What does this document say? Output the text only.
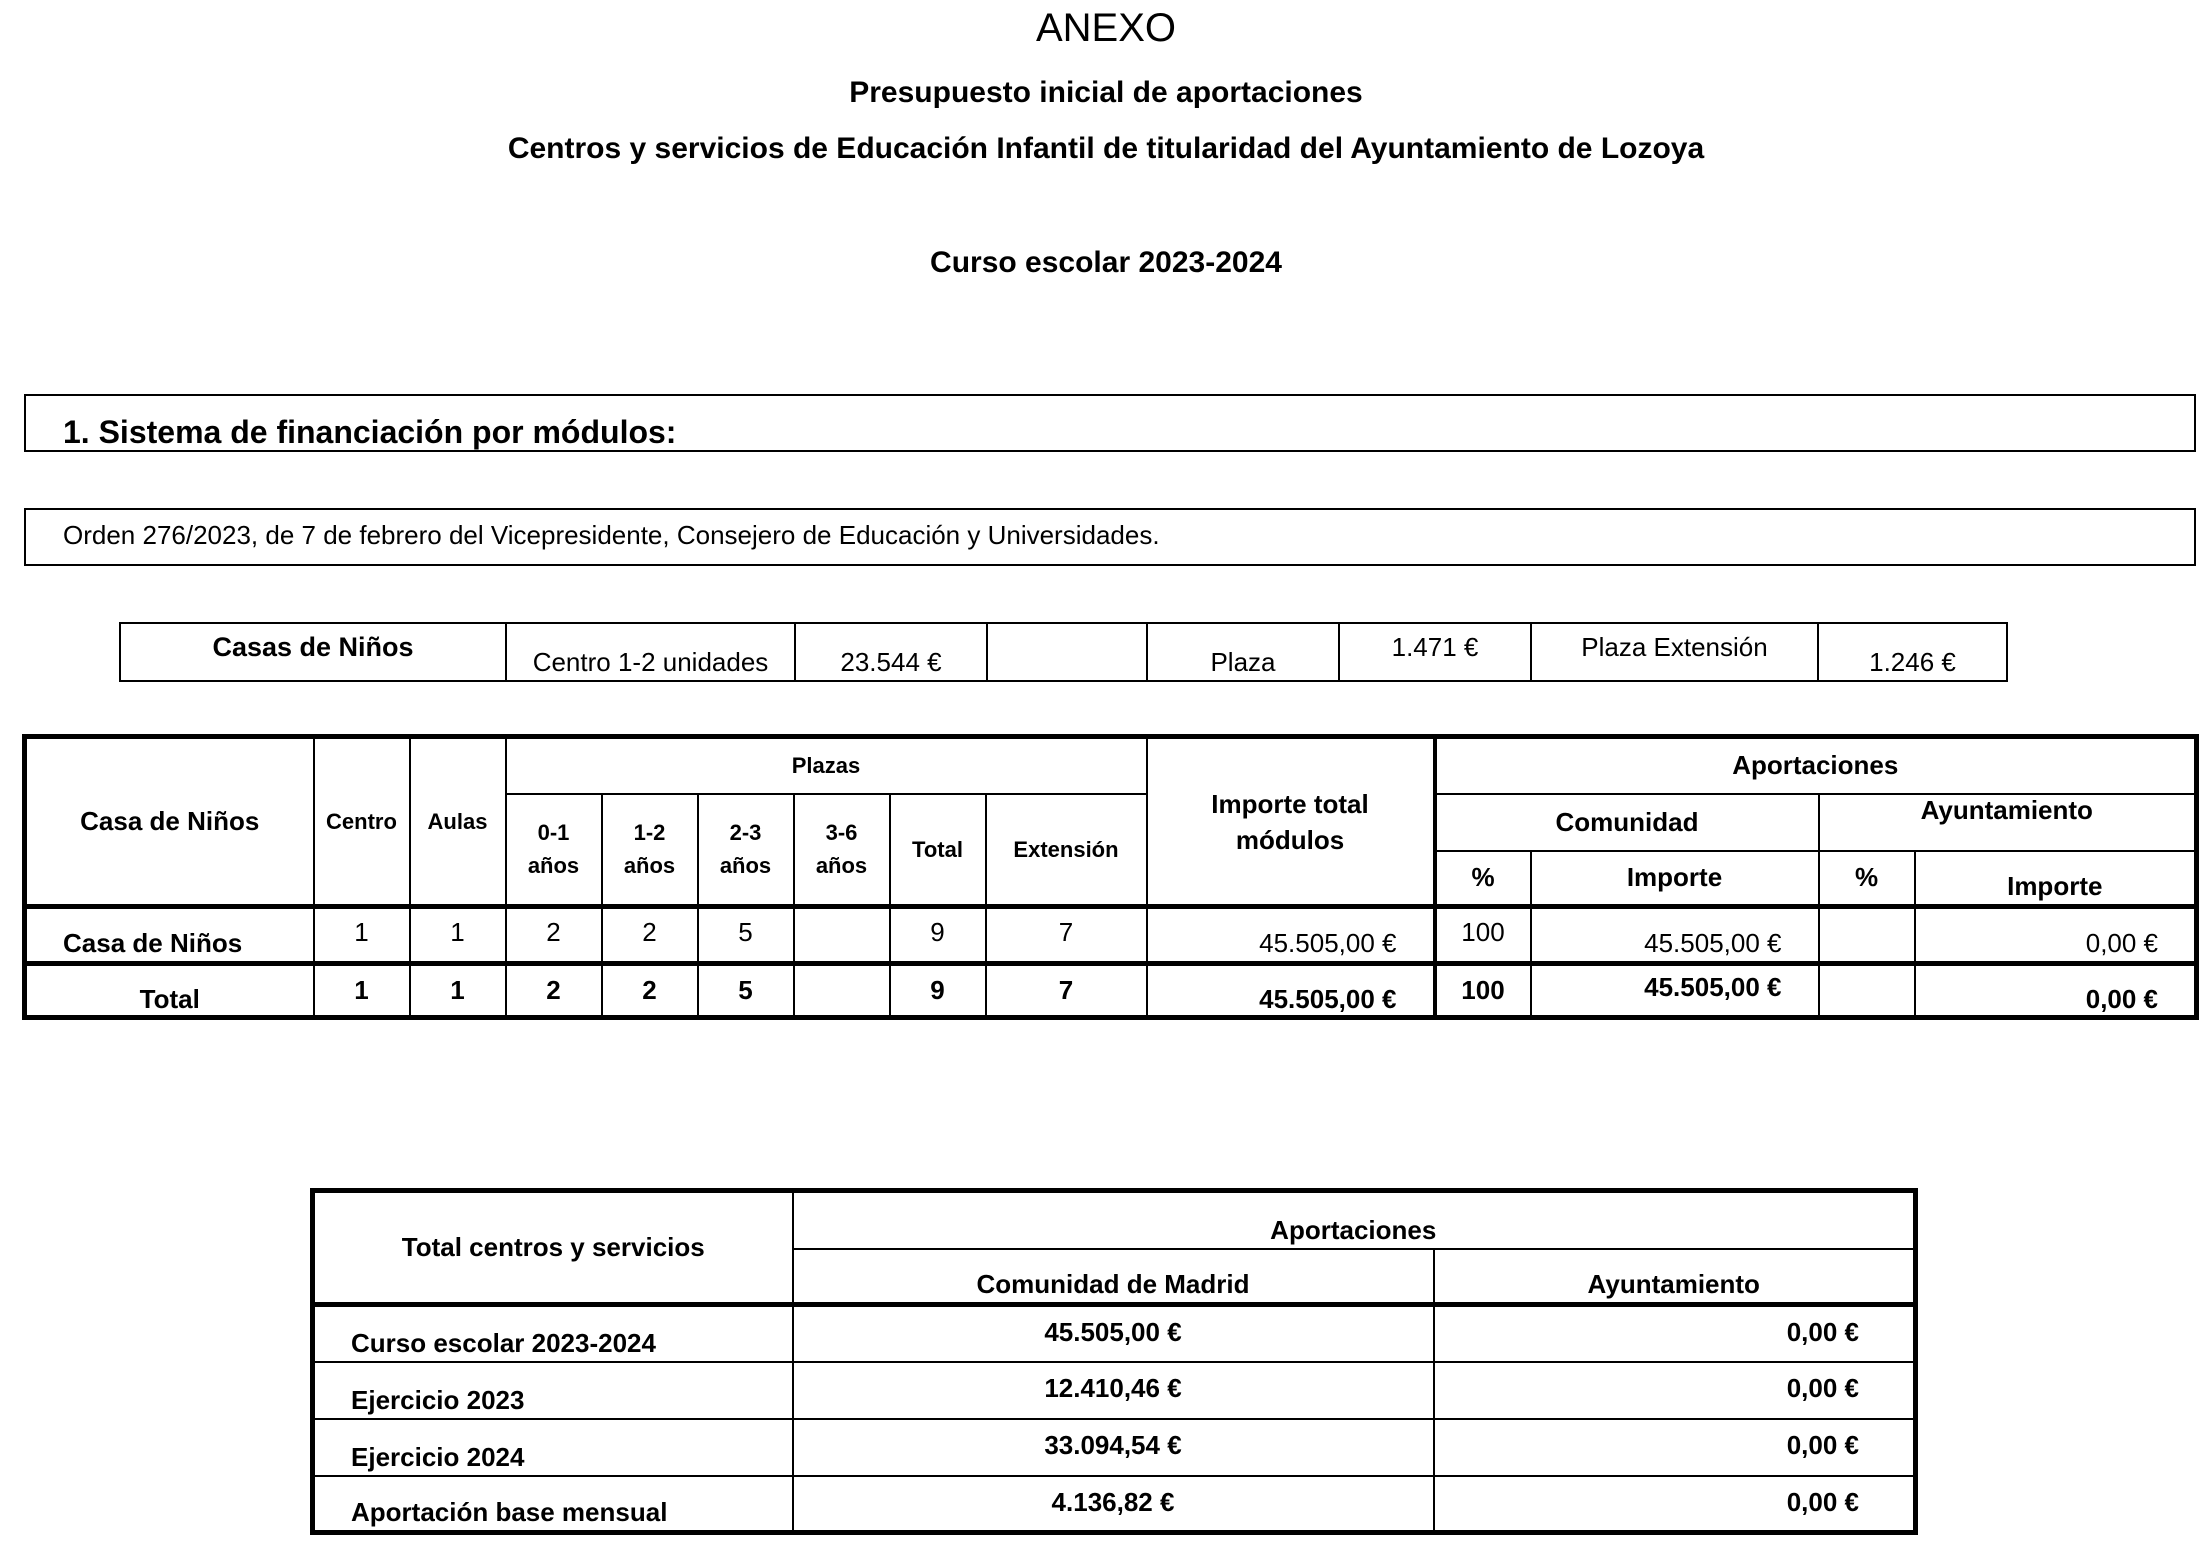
ANEXO
Presupuesto inicial de aportaciones
Centros y servicios de Educación Infantil de titularidad del Ayuntamiento de Lozoya
Curso escolar 2023-2024
1. Sistema de financiación por módulos:
Orden 276/2023, de 7 de febrero del Vicepresidente, Consejero de Educación y Universidades.
Casas de Niños	Centro 1-2 unidades	23.544 €		Plaza	1.471 €	Plaza Extensión	1.246 €
Casa de Niños	Centro	Aulas	Plazas						Importe total módulos	Aportaciones			
			0-1 años	1-2 años	2-3 años	3-6 años	Total	Extensión		Comunidad		Ayuntamiento	
										%	Importe	%	Importe
Casa de Niños	1	1	2	2	5		9	7	45.505,00 €	100	45.505,00 €		0,00 €
Total	1	1	2	2	5		9	7	45.505,00 €	100	45.505,00 €		0,00 €
Total centros y servicios	Aportaciones	
	Comunidad de Madrid	Ayuntamiento
Curso escolar 2023-2024	45.505,00 €	0,00 €
Ejercicio 2023	12.410,46 €	0,00 €
Ejercicio 2024	33.094,54 €	0,00 €
Aportación base mensual	4.136,82 €	0,00 €
